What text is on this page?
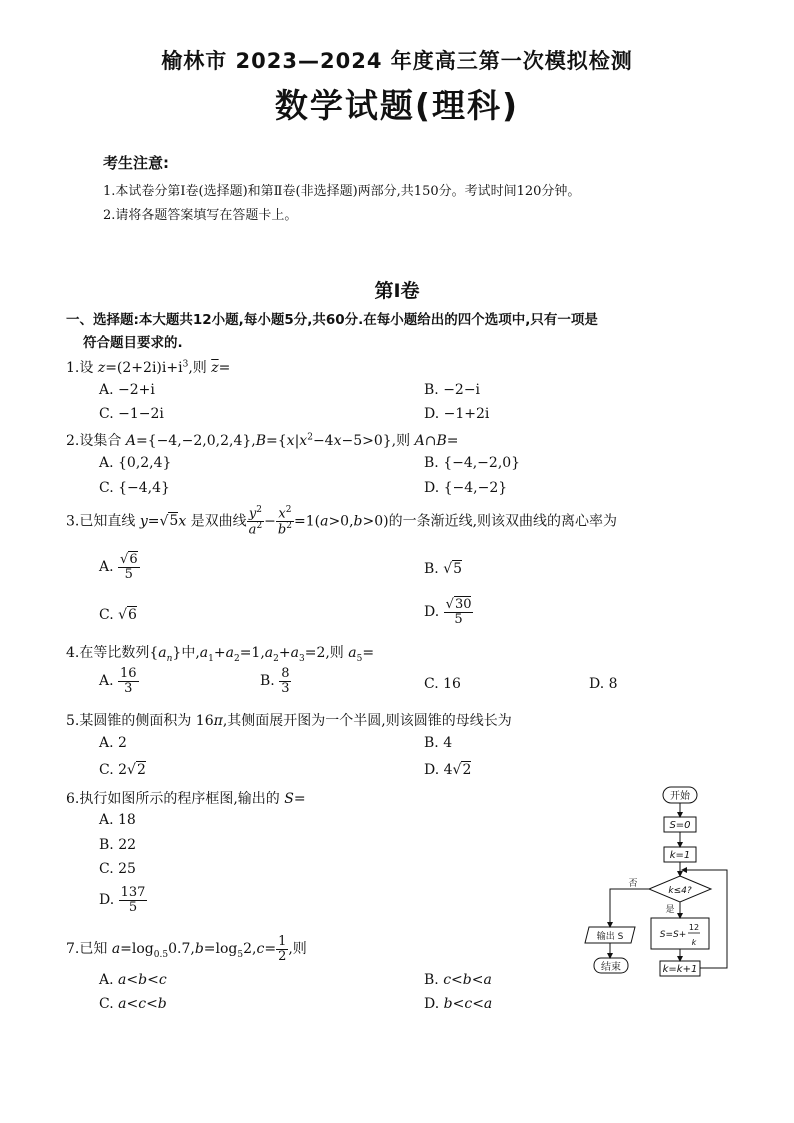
榆林市 2023—2024 年度高三第一次模拟检测
数学试题(理科)
考生注意:
1.本试卷分第Ⅰ卷(选择题)和第Ⅱ卷(非选择题)两部分,共150分。考试时间120分钟。
2.请将各题答案填写在答题卡上。
第Ⅰ卷
一、选择题:本大题共12小题,每小题5分,共60分.在每小题给出的四个选项中,只有一项是
符合题目要求的.
1.设 $z=(2+2i)i+i^3$,则 $\overline{z}=$
A. −2+i	B. −2−i
C. −1−2i	D. −1+2i
2.设集合 $A=\{-4,-2,0,2,4\},B=\{x|x^2-4x-5>0\}$,则 A∩B=
A. {0,2,4}	B. {−4,−2,0}
C. {−4,4}	D. {−4,−2}
3.已知直线 y=√5x 是双曲线 $\frac{y^2}{a^2} - \frac{x^2}{b^2} =1(a>0,b>0)$的一条渐近线,则该双曲线的离心率为
A. $\frac{√6}{5}$	B. √5
C. √6	D. $\frac{√30}{5}$
4.在等比数列$\{a_n\}$中$,a_1+a_2=1,a_2+a_3=2$,则 $a_5=$
A. $\frac{16}{3}$	B. $\frac{8}{3}$	C. 16	D. 8
5.某圆锥的侧面积为 16π,其侧面展开图为一个半圆,则该圆锥的母线长为
A. 2	B. 4
C. 2√2	D. 4√2
6.执行如图所示的程序框图,输出的 S=
A. 18
B. 22
C. 25
D. $\frac{137}{5}$
7.已知 $a=\log_{0.5}0.7,b=\log_52,c= \frac{1}{2}$ ,则
A. a<b<c	B. c<b<a
C. a<c<b	D. b<c<a
开始
S=0
k=1
k≤4?
否
是
S=S+
12
k
k=k+1
输出 S
结束
